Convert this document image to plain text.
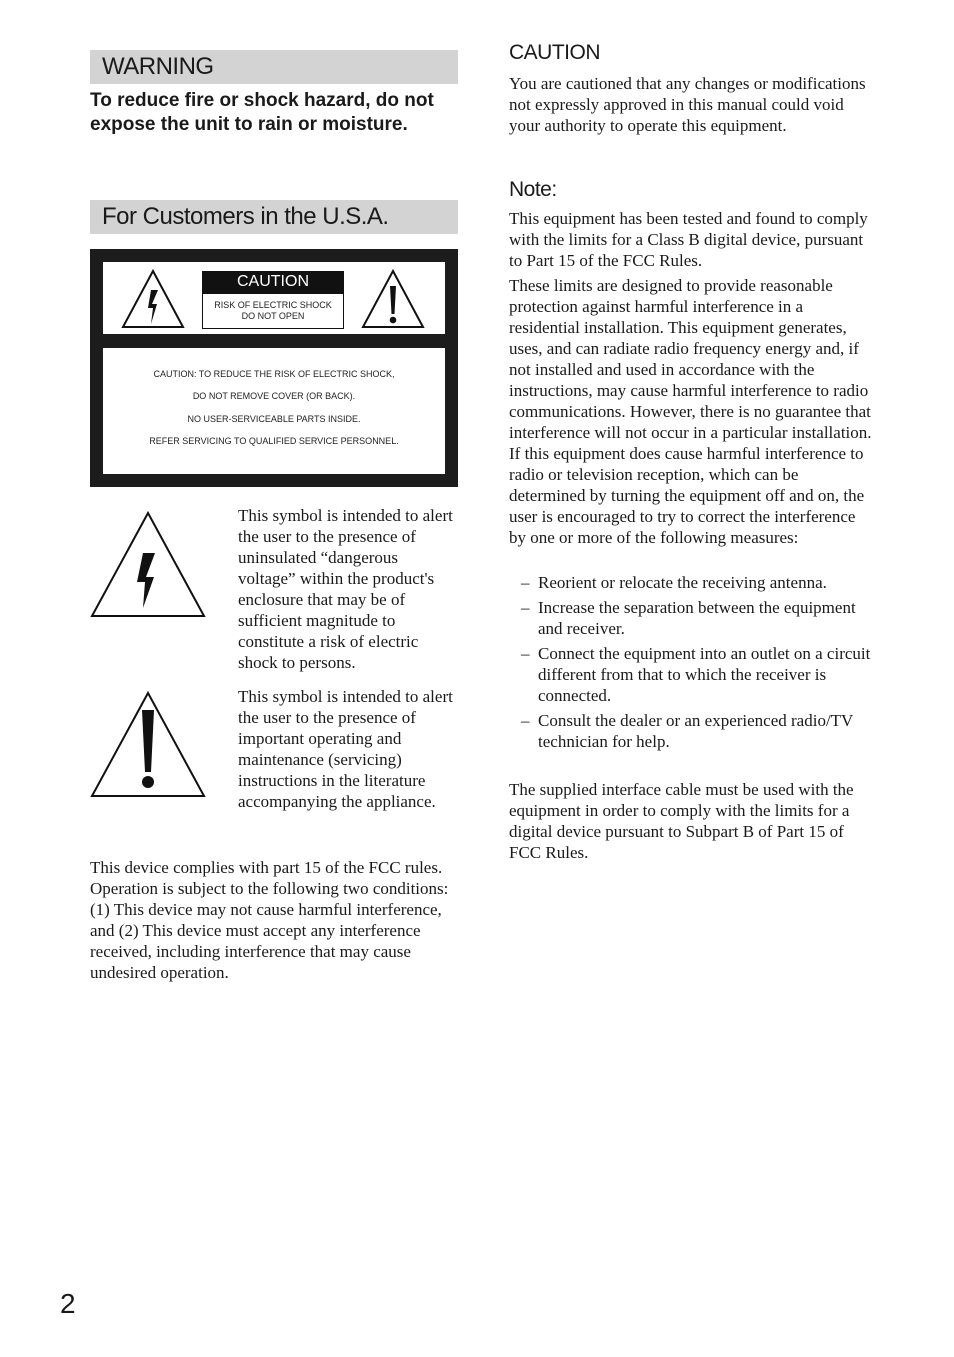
WARNING
To reduce fire or shock hazard, do not expose the unit to rain or moisture.
For Customers in the U.S.A.
CAUTION
RISK OF ELECTRIC SHOCK
DO NOT OPEN
CAUTION: TO REDUCE THE RISK OF ELECTRIC SHOCK,
DO NOT REMOVE COVER (OR BACK).
NO USER-SERVICEABLE PARTS INSIDE.
REFER SERVICING TO QUALIFIED SERVICE PERSONNEL.
This symbol is intended to alert the user to the presence of uninsulated “dangerous voltage” within the product's enclosure that may be of sufficient magnitude to constitute a risk of electric shock to persons.
This symbol is intended to alert the user to the presence of important operating and maintenance (servicing) instructions in the literature accompanying the appliance.
This device complies with part 15 of the FCC rules. Operation is subject to the following two conditions: (1) This device may not cause harmful interference, and (2) This device must accept any interference received, including interference that may cause undesired operation.
CAUTION
You are cautioned that any changes or modifications not expressly approved in this manual could void your authority to operate this equipment.
Note:
This equipment has been tested and found to comply with the limits for a Class B digital device, pursuant to Part 15 of the FCC Rules.
These limits are designed to provide reasonable protection against harmful interference in a residential installation. This equipment generates, uses, and can radiate radio frequency energy and, if not installed and used in accordance with the instructions, may cause harmful interference to radio communications. However, there is no guarantee that interference will not occur in a particular installation. If this equipment does cause harmful interference to radio or television reception, which can be determined by turning the equipment off and on, the user is encouraged to try to correct the interference by one or more of the following measures:
– Reorient or relocate the receiving antenna.
– Increase the separation between the equipment and receiver.
– Connect the equipment into an outlet on a circuit different from that to which the receiver is connected.
– Consult the dealer or an experienced radio/TV technician for help.
The supplied interface cable must be used with the equipment in order to comply with the limits for a digital device pursuant to Subpart B of Part 15 of FCC Rules.
2
